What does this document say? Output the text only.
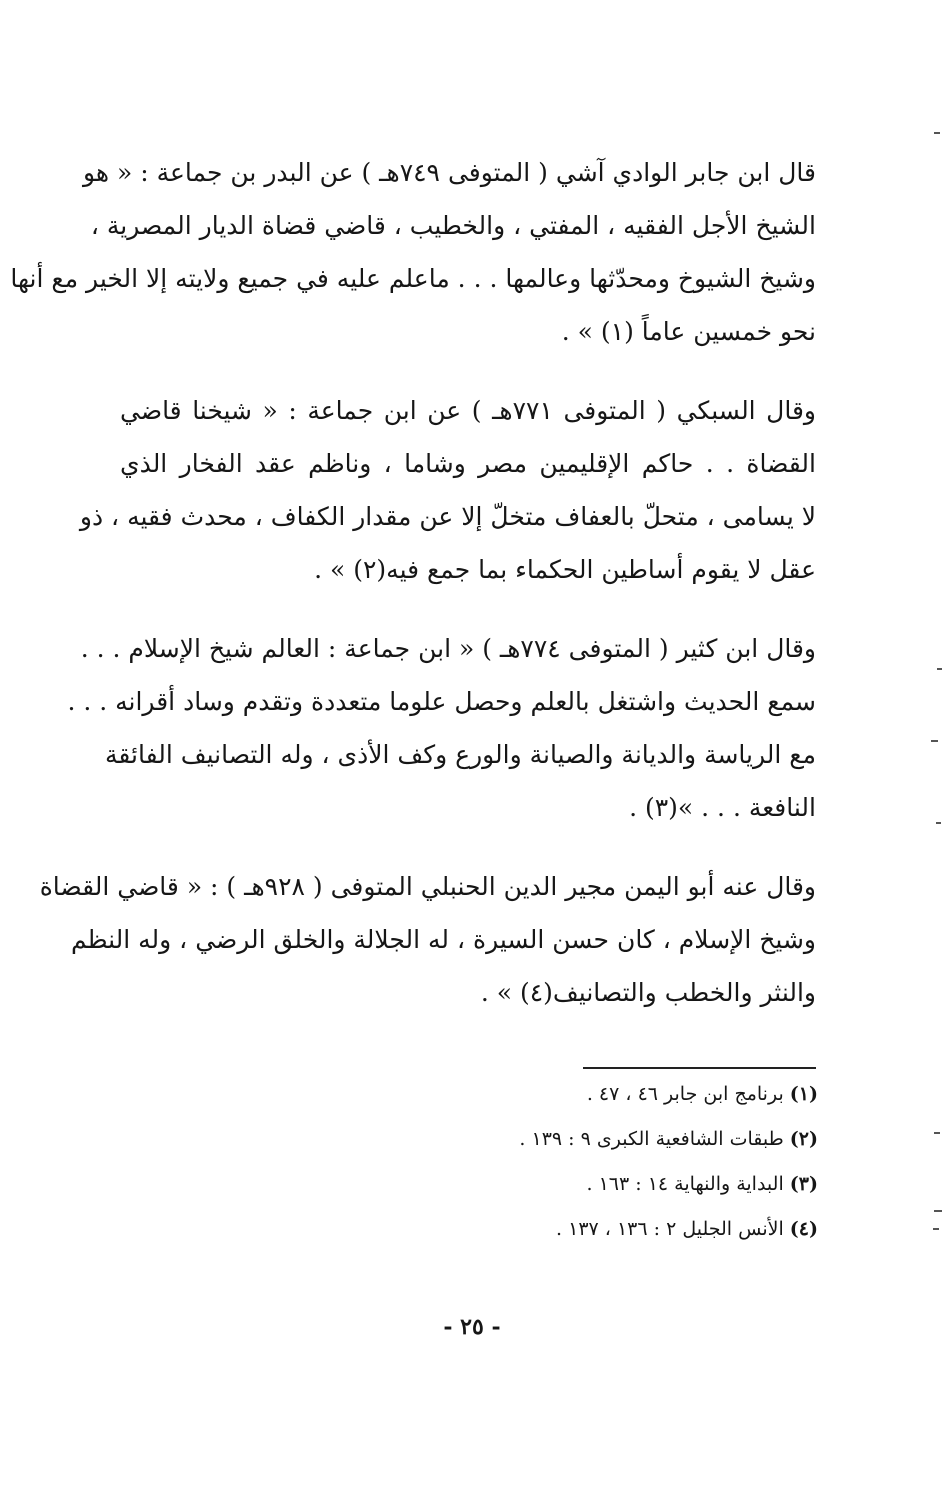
قال ابن جابر الوادي آشي ( المتوفى ٧٤٩هـ ) عن البدر بن جماعة : « هو
الشيخ الأجل الفقيه ، المفتي ، والخطيب ، قاضي قضاة الديار المصرية ،
وشيخ الشيوخ ومحدّثها وعالمها . . . ماعلم عليه في جميع ولايته إلا الخير مع أنها
نحو خمسين عاماً (١) » .

وقال السبكي ( المتوفى ٧٧١هـ ) عن ابن جماعة : « شيخنا قاضي
القضاة . . حاكم الإقليمين مصر وشاما ، وناظم عقد الفخار الذي
لا يسامى ، متحلّ بالعفاف متخلّ إلا عن مقدار الكفاف ، محدث فقيه ، ذو
عقل لا يقوم أساطين الحكماء بما جمع فيه(٢) » .

وقال ابن كثير ( المتوفى ٧٧٤هـ ) « ابن جماعة : العالم شيخ الإسلام . . .
سمع الحديث واشتغل بالعلم وحصل علوما متعددة وتقدم وساد أقرانه . . .
مع الرياسة والديانة والصيانة والورع وكف الأذى ، وله التصانيف الفائقة
النافعة . . . »(٣) .

وقال عنه أبو اليمن مجير الدين الحنبلي المتوفى ( ٩٢٨هـ ) : « قاضي القضاة
وشيخ الإسلام ، كان حسن السيرة ، له الجلالة والخلق الرضي ، وله النظم
والنثر والخطب والتصانيف(٤) » .

(١) برنامج ابن جابر ٤٦ ، ٤٧ .
(٢) طبقات الشافعية الكبرى ٩ : ١٣٩ .
(٣) البداية والنهاية ١٤ : ١٦٣ .
(٤) الأنس الجليل ٢ : ١٣٦ ، ١٣٧ .
- ٢٥ -
